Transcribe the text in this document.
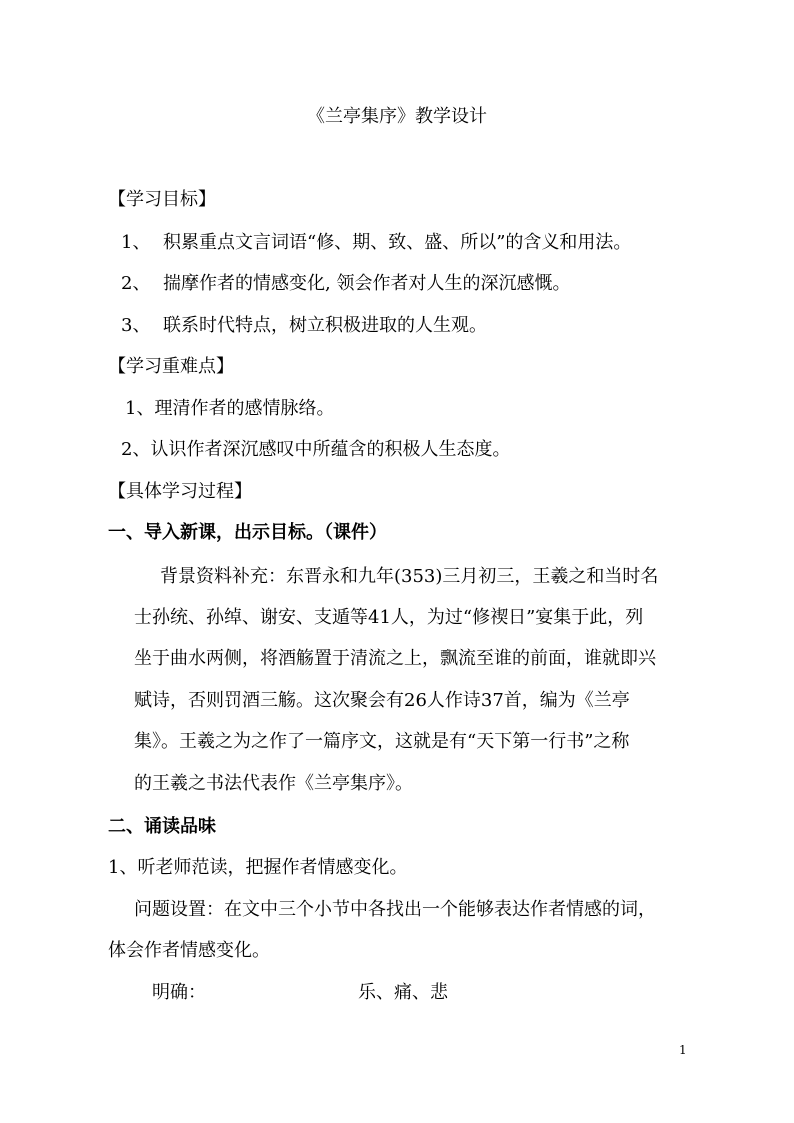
《兰亭集序》教学设计
【学习目标】
1、 积累重点文言词语“修、期、致、盛、所以”的含义和用法。
2、 揣摩作者的情感变化, 领会作者对人生的深沉感慨。
3、 联系时代特点，树立积极进取的人生观。
【学习重难点】
1、理清作者的感情脉络。
2、认识作者深沉感叹中所蕴含的积极人生态度。
【具体学习过程】
一、导入新课，出示目标。（课件）
背景资料补充：东晋永和九年(353)三月初三，王羲之和当时名
士孙统、孙绰、谢安、支遁等41人，为过“修禊日”宴集于此，列
坐于曲水两侧，将酒觞置于清流之上，飘流至谁的前面，谁就即兴
赋诗，否则罚酒三觞。这次聚会有26人作诗37首，编为《兰亭
集》。王羲之为之作了一篇序文，这就是有“天下第一行书”之称
的王羲之书法代表作《兰亭集序》。
二、诵读品味
1、听老师范读，把握作者情感变化。
问题设置：在文中三个小节中各找出一个能够表达作者情感的词，
体会作者情感变化。
明确：	乐、痛、悲
1
